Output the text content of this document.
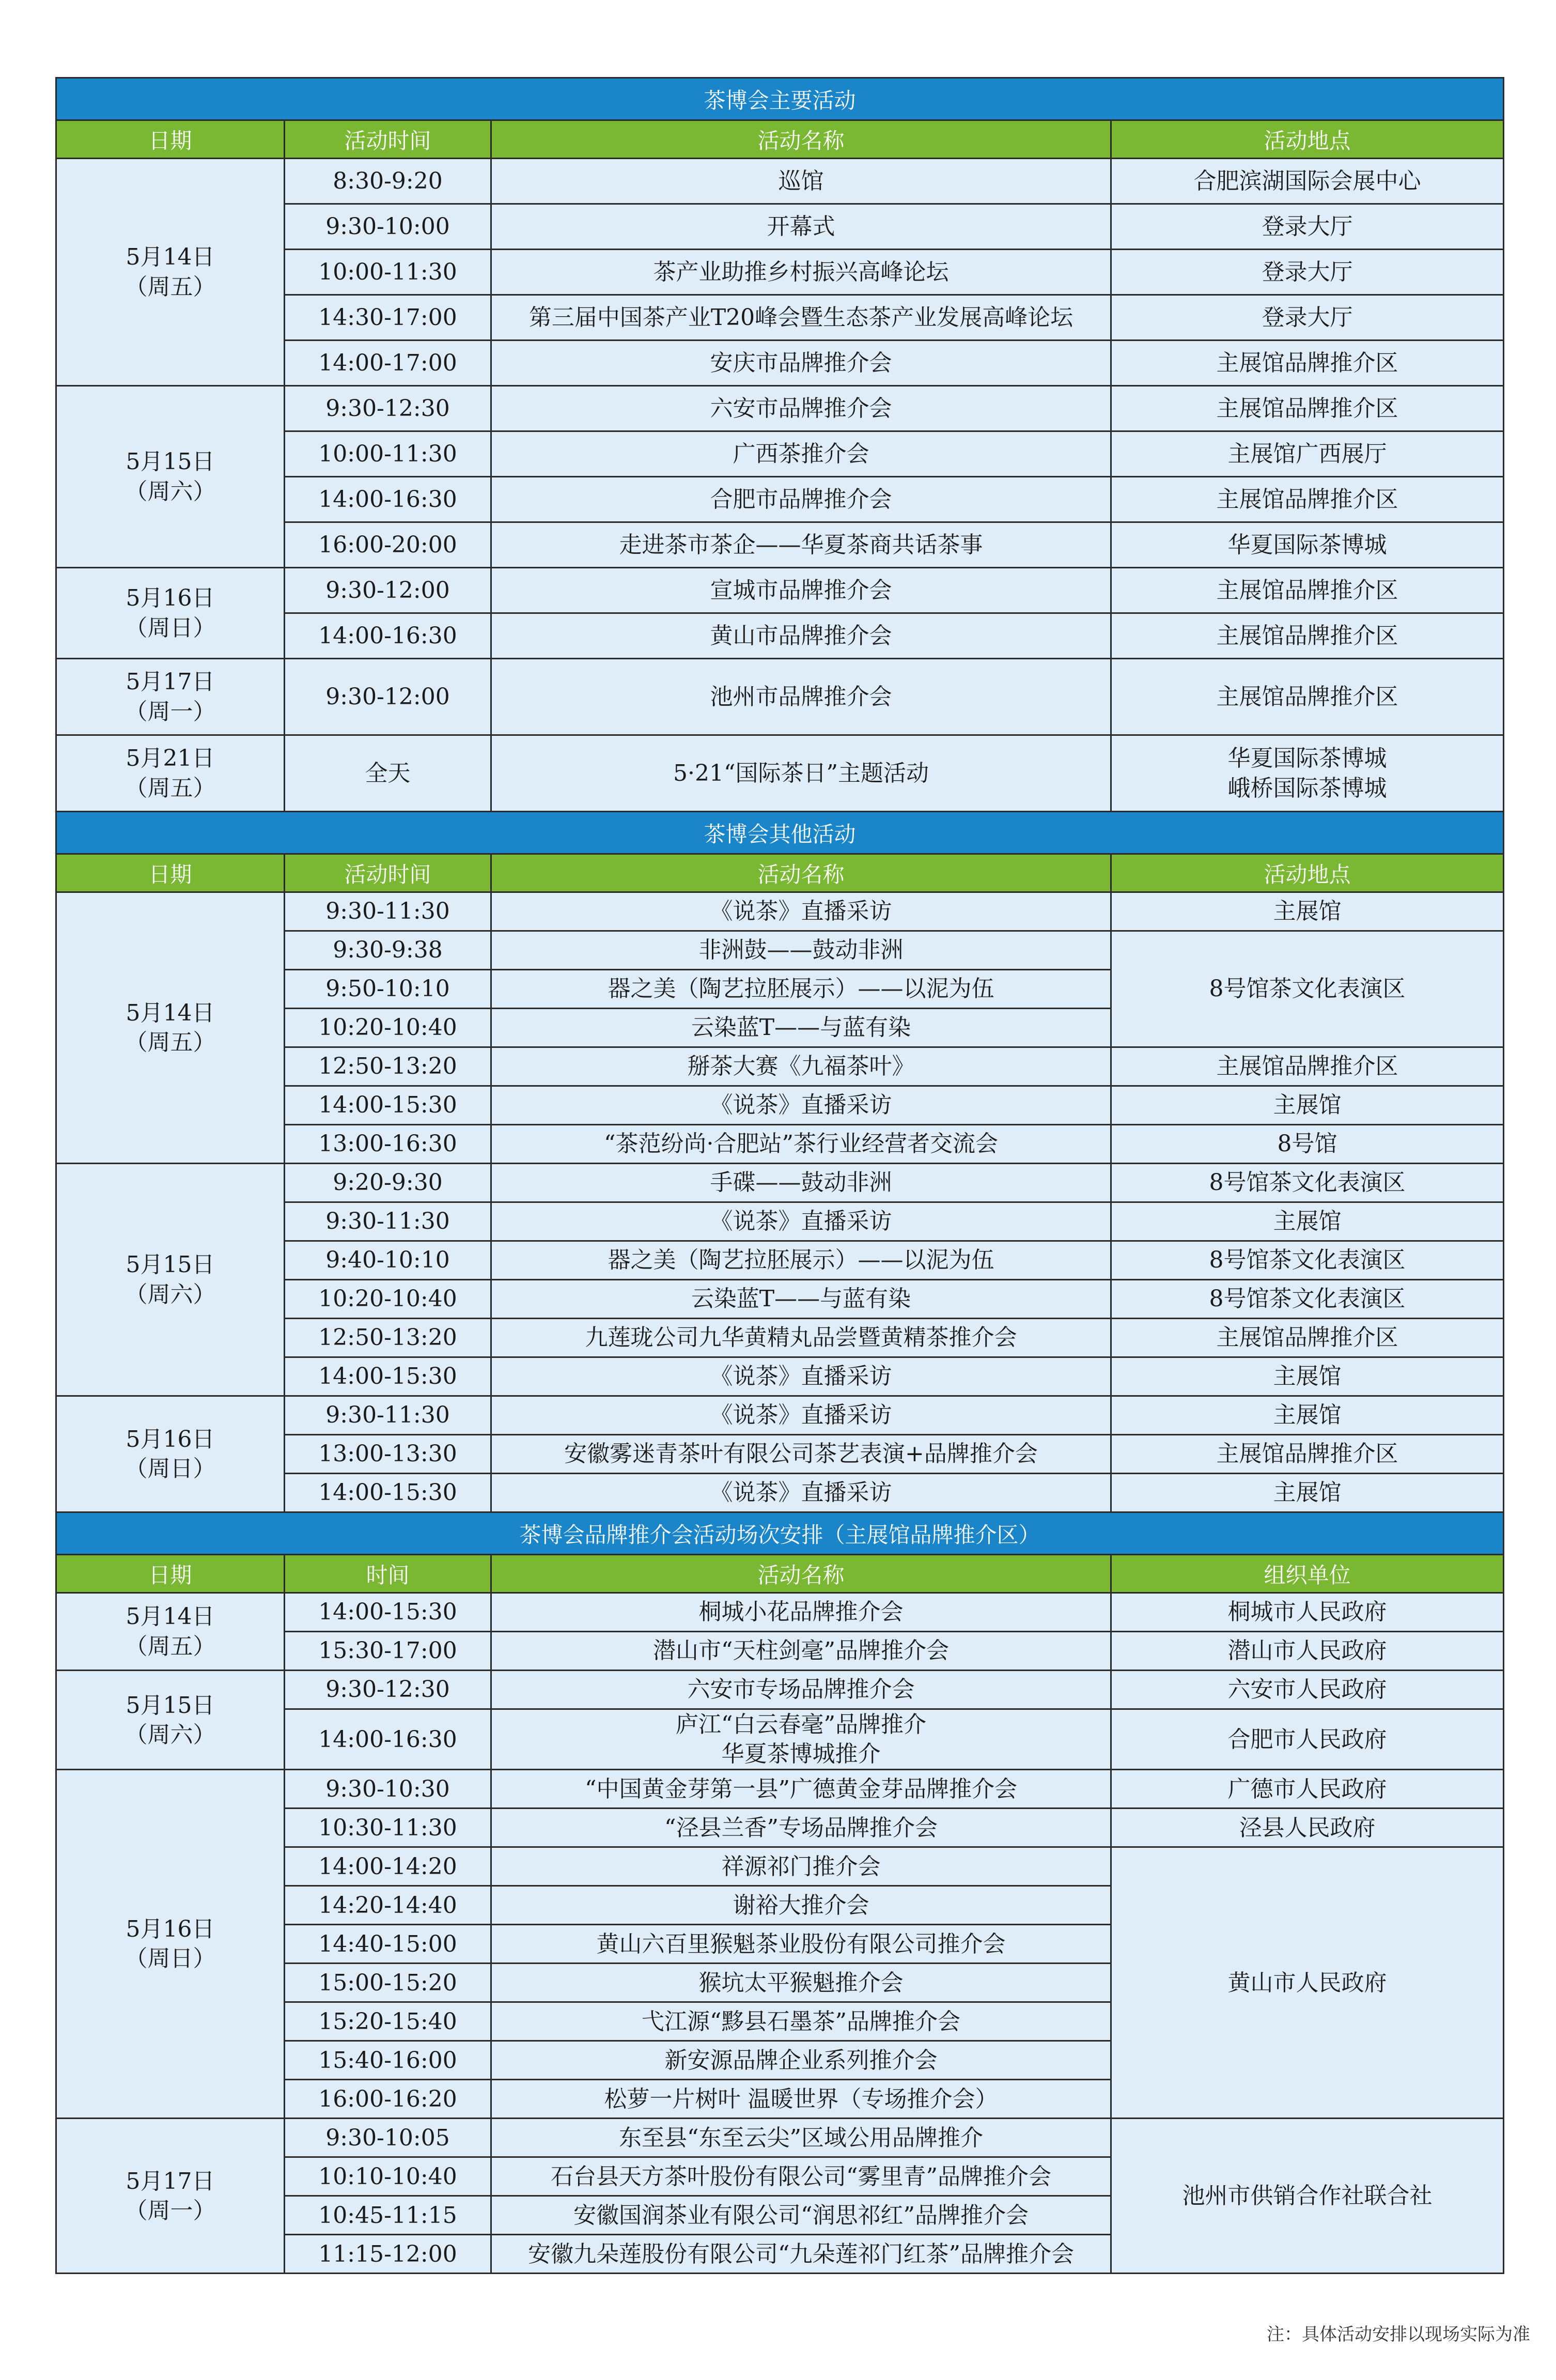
茶博会主要活动			
日期	活动时间	活动名称	活动地点

5月14日
（周五）	8:30-9:20	巡馆	合肥滨湖国际会展中心
	9:30-10:00	开幕式	登录大厅
	10:00-11:30	茶产业助推乡村振兴高峰论坛	登录大厅
	14:30-17:00	第三届中国茶产业T20峰会暨生态茶产业发展高峰论坛	登录大厅
	14:00-17:00	安庆市品牌推介会	主展馆品牌推介区

5月15日
（周六）	9:30-12:30	六安市品牌推介会	主展馆品牌推介区
	10:00-11:30	广西茶推介会	主展馆广西展厅
	14:00-16:30	合肥市品牌推介会	主展馆品牌推介区
	16:00-20:00	走进茶市茶企——华夏茶商共话茶事	华夏国际茶博城

5月16日
（周日）	9:30-12:00	宣城市品牌推介会	主展馆品牌推介区
	14:00-16:30	黄山市品牌推介会	主展馆品牌推介区

5月17日
（周一）	9:30-12:00	池州市品牌推介会	主展馆品牌推介区

5月21日
（周五）	全天	5·21“国际茶日”主题活动	华夏国际茶博城
峨桥国际茶博城

茶博会其他活动			
日期	活动时间	活动名称	活动地点

5月14日
（周五）	9:30-11:30	《说茶》直播采访	主展馆
	9:30-9:38	非洲鼓——鼓动非洲	8号馆茶文化表演区
	9:50-10:10	器之美（陶艺拉胚展示）——以泥为伍	
	10:20-10:40	云染蓝T——与蓝有染	
	12:50-13:20	掰茶大赛《九福茶叶》	主展馆品牌推介区
	14:00-15:30	《说茶》直播采访	主展馆
	13:00-16:30	“茶范纷尚·合肥站”茶行业经营者交流会	8号馆

5月15日
（周六）	9:20-9:30	手碟——鼓动非洲	8号馆茶文化表演区
	9:30-11:30	《说茶》直播采访	主展馆
	9:40-10:10	器之美（陶艺拉胚展示）——以泥为伍	8号馆茶文化表演区
	10:20-10:40	云染蓝T——与蓝有染	8号馆茶文化表演区
	12:50-13:20	九莲珑公司九华黄精丸品尝暨黄精茶推介会	主展馆品牌推介区
	14:00-15:30	《说茶》直播采访	主展馆

5月16日
（周日）	9:30-11:30	《说茶》直播采访	主展馆
	13:00-13:30	安徽雾迷青茶叶有限公司茶艺表演+品牌推介会	主展馆品牌推介区
	14:00-15:30	《说茶》直播采访	主展馆
茶博会品牌推介会活动场次安排（主展馆品牌推介区）			
日期	时间	活动名称	组织单位

5月14日
（周五）	14:00-15:30	桐城小花品牌推介会	桐城市人民政府
	15:30-17:00	潜山市“天柱剑毫”品牌推介会	潜山市人民政府

5月15日
（周六）	9:30-12:30	六安市专场品牌推介会	六安市人民政府
	14:00-16:30	庐江“白云春毫”品牌推介
华夏茶博城推介	合肥市人民政府

5月16日
（周日）	9:30-10:30	“中国黄金芽第一县”广德黄金芽品牌推介会	广德市人民政府
	10:30-11:30	“泾县兰香”专场品牌推介会	泾县人民政府
	14:00-14:20	祥源祁门推介会	黄山市人民政府
	14:20-14:40	谢裕大推介会	
	14:40-15:00	黄山六百里猴魁茶业股份有限公司推介会	
	15:00-15:20	猴坑太平猴魁推介会	
	15:20-15:40	弋江源“黟县石墨茶”品牌推介会	
	15:40-16:00	新安源品牌企业系列推介会	
	16:00-16:20	松萝一片树叶 温暖世界（专场推介会）	

5月17日
（周一）	9:30-10:05	东至县“东至云尖”区域公用品牌推介	池州市供销合作社联合社
	10:10-10:40	石台县天方茶叶股份有限公司“雾里青”品牌推介会	
	10:45-11:15	安徽国润茶业有限公司“润思祁红”品牌推介会	
	11:15-12:00	安徽九朵莲股份有限公司“九朵莲祁门红茶”品牌推介会	
注：具体活动安排以现场实际为准
